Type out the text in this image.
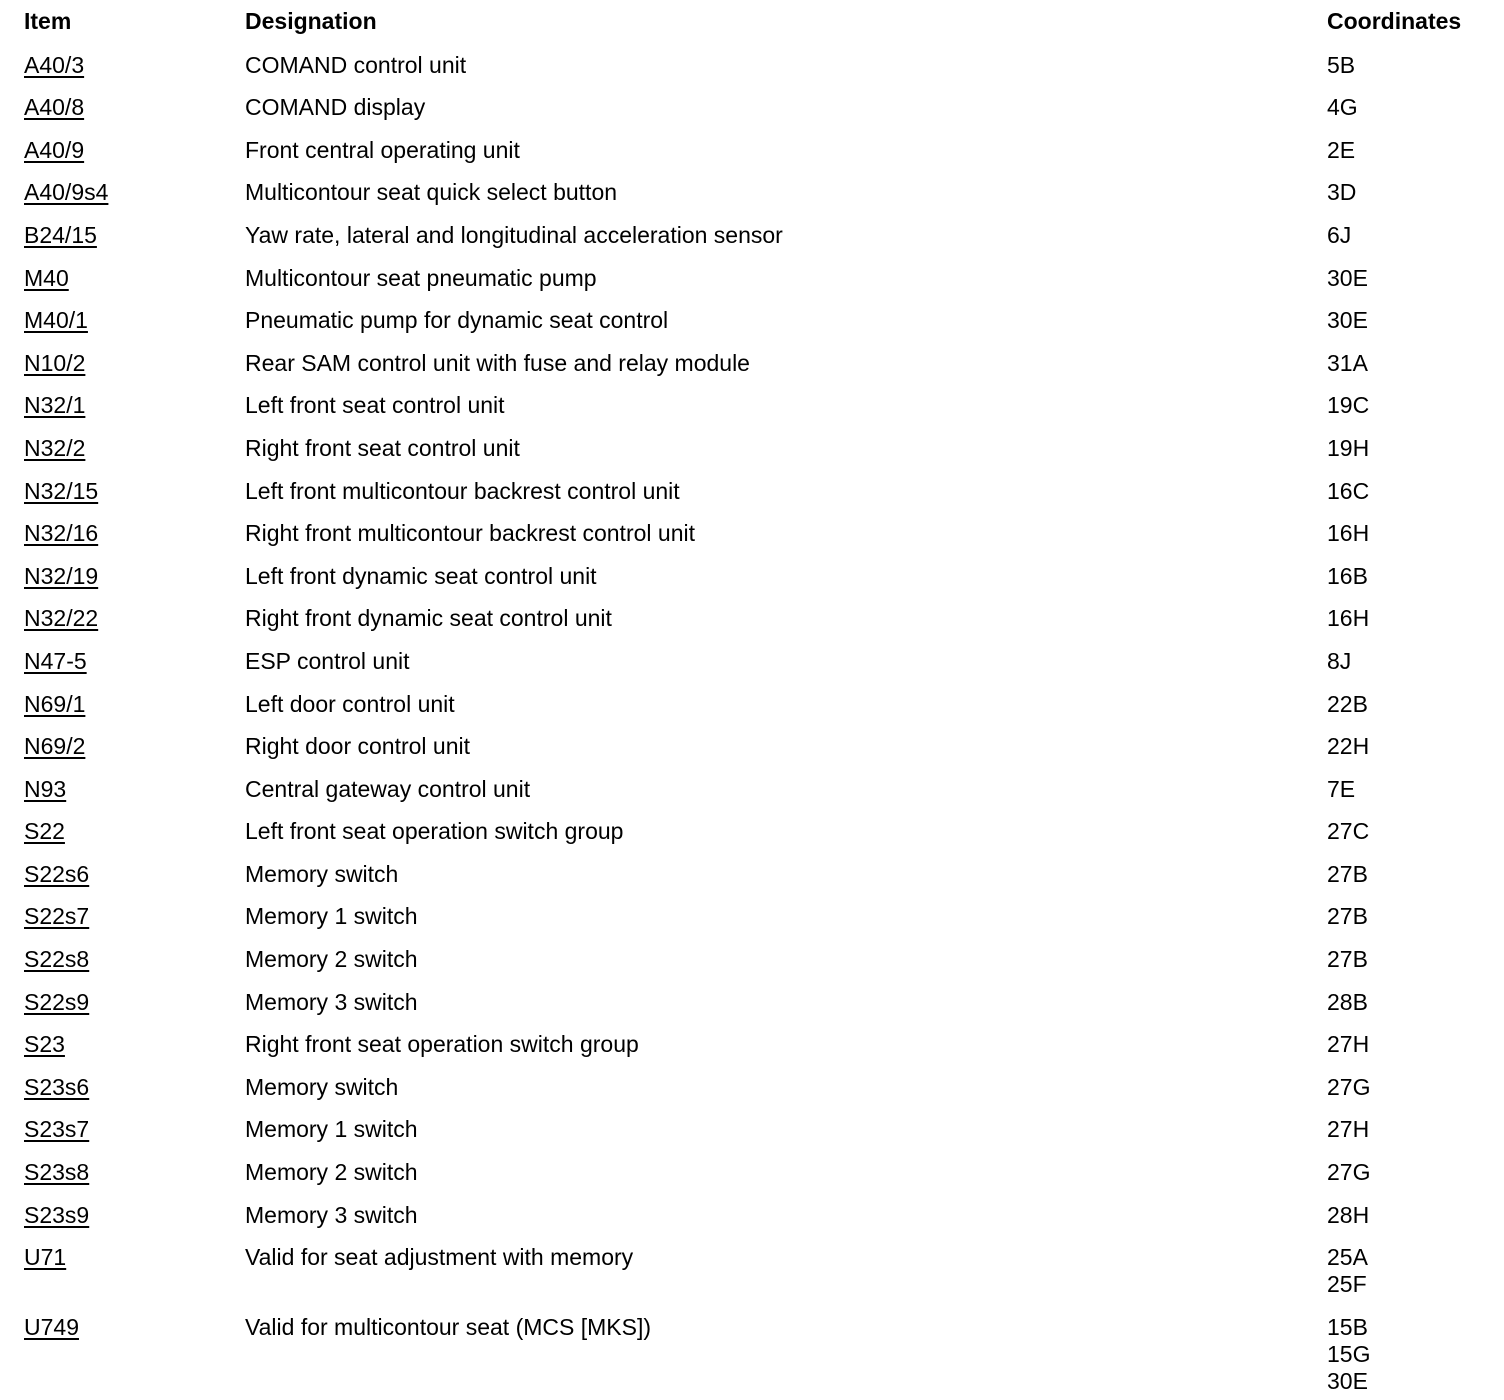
Item	Designation	Coordinates
A40/3	COMAND control unit	5B
A40/8	COMAND display	4G
A40/9	Front central operating unit	2E
A40/9s4	Multicontour seat quick select button	3D
B24/15	Yaw rate, lateral and longitudinal acceleration sensor	6J
M40	Multicontour seat pneumatic pump	30E
M40/1	Pneumatic pump for dynamic seat control	30E
N10/2	Rear SAM control unit with fuse and relay module	31A
N32/1	Left front seat control unit	19C
N32/2	Right front seat control unit	19H
N32/15	Left front multicontour backrest control unit	16C
N32/16	Right front multicontour backrest control unit	16H
N32/19	Left front dynamic seat control unit	16B
N32/22	Right front dynamic seat control unit	16H
N47-5	ESP control unit	8J
N69/1	Left door control unit	22B
N69/2	Right door control unit	22H
N93	Central gateway control unit	7E
S22	Left front seat operation switch group	27C
S22s6	Memory switch	27B
S22s7	Memory 1 switch	27B
S22s8	Memory 2 switch	27B
S22s9	Memory 3 switch	28B
S23	Right front seat operation switch group	27H
S23s6	Memory switch	27G
S23s7	Memory 1 switch	27H
S23s8	Memory 2 switch	27G
S23s9	Memory 3 switch	28H
U71	Valid for seat adjustment with memory	25A
25F
U749	Valid for multicontour seat (MCS [MKS])	15B
15G
30E
